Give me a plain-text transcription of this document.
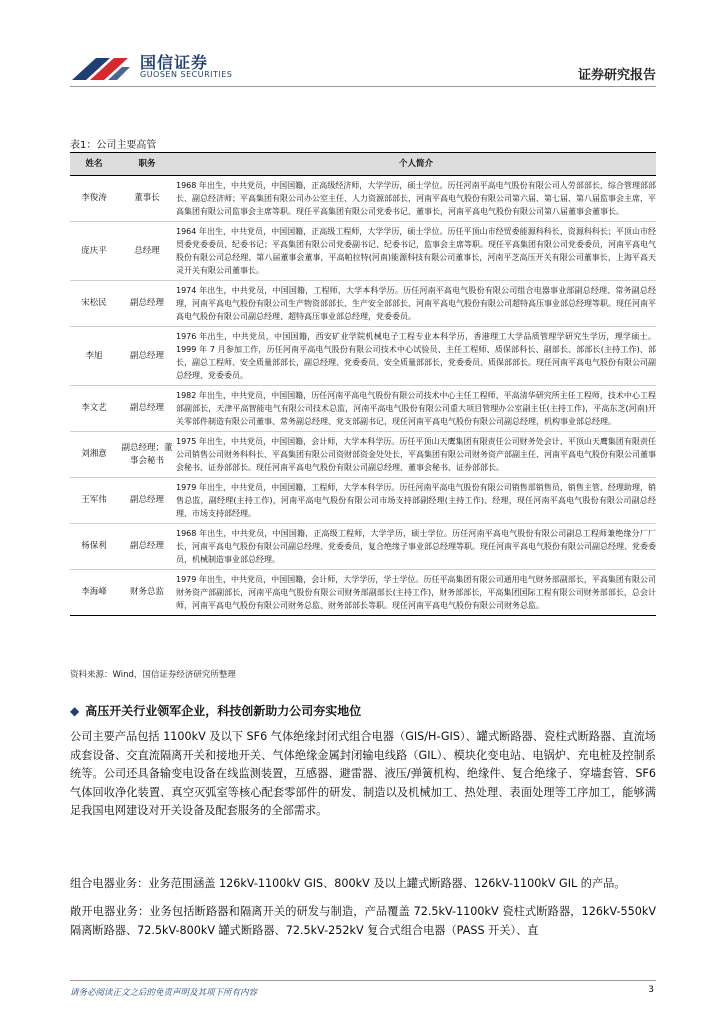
国信证券
GUOSEN SECURITIES	证券研究报告
表1：公司主要高管
姓名	职务	个人简介
李俊涛	董事长	1968 年出生，中共党员，中国国籍，正高级经济师，大学学历，硕士学位。历任河南平高电气股份有限公司人劳部部长、综合管理部部长、副总经济师；平高集团有限公司办公室主任、人力资源部部长，河南平高电气股份有限公司第六届、第七届、第八届监事会主席，平高集团有限公司监事会主席等职。现任平高集团有限公司党委书记、董事长，河南平高电气股份有限公司第八届董事会董事长。
庞庆平	总经理	1964 年出生，中共党员，中国国籍，正高级工程师，大学学历，硕士学位。历任平顶山市经贸委能源科科长、资源科科长；平顶山市经贸委党委委员、纪委书记；平高集团有限公司党委副书记、纪委书记，监事会主席等职。现任平高集团有限公司党委委员，河南平高电气股份有限公司总经理、第八届董事会董事，平高帕拉特(河南)能源科技有限公司董事长，河南平芝高压开关有限公司董事长，上海平高天灵开关有限公司董事长。
宋松民	副总经理	1974 年出生，中共党员，中国国籍，工程师，大学本科学历。历任河南平高电气股份有限公司组合电器事业部副总经理、常务副总经理，河南平高电气股份有限公司生产物资部部长、生产安全部部长、河南平高电气股份有限公司超特高压事业部总经理等职。现任河南平高电气股份有限公司副总经理、超特高压事业部总经理，党委委员。
李旭	副总经理	1976 年出生，中共党员，中国国籍，西安矿业学院机械电子工程专业本科学历，香港理工大学品质管理学研究生学历，理学硕士。1999 年 7 月参加工作，历任河南平高电气股份有限公司技术中心试验员、主任工程师、质保部科长、副部长、部部长(主持工作)、部长，副总工程师、安全质量部部长，副总经理、党委委员、安全质量部部长，党委委员、质保部部长。现任河南平高电气股份有限公司副总经理、党委委员。
李文艺	副总经理	1982 年出生，中共党员，中国国籍，历任河南平高电气股份有限公司技术中心主任工程师、平高清华研究所主任工程师，技术中心工程部副部长，天津平高智能电气有限公司技术总监，河南平高电气股份有限公司重大项目管理办公室副主任(主持工作)，平高东芝(河南)开关零部件制造有限公司董事、常务副总经理、党支部副书记，现任河南平高电气股份有限公司副总经理，机构事业部总经理。
刘湘意	副总经理；董事会秘书	1975 年出生，中共党员，中国国籍，会计师，大学本科学历。历任平顶山天鹰集团有限责任公司财务处会计、平顶山天鹰集团有限责任公司销售公司财务科科长、平高集团有限公司资财部资金处处长，平高集团有限公司财务资产部副主任、河南平高电气股份有限公司董事会秘书、证券部部长。现任河南平高电气股份有限公司副总经理、董事会秘书、证券部部长。
王军伟	副总经理	1979 年出生，中共党员，中国国籍，工程师，大学本科学历。历任河南平高电气股份有限公司销售部销售员、销售主管、经理助理，销售总监，副经理(主持工作)，河南平高电气股份有限公司市场支持部副经理(主持工作)、经理，现任河南平高电气股份有限公司副总经理、市场支持部经理。
杨保利	副总经理	1968 年出生，中共党员，中国国籍，正高级工程师，大学学历，硕士学位。历任河南平高电气股份有限公司副总工程师兼绝缘分厂厂长，河南平高电气股份有限公司副总经理、党委委员，复合绝缘子事业部总经理等职。现任河南平高电气股份有限公司副总经理、党委委员，机械制造事业部总经理。
李海峰	财务总监	1979 年出生，中共党员，中国国籍，会计师，大学学历，学士学位。历任平高集团有限公司通用电气财务部副部长，平高集团有限公司财务资产部副部长，河南平高电气股份有限公司财务部副部长(主持工作)，财务部部长，平高集团国际工程有限公司财务部部长，总会计师，河南平高电气股份有限公司财务总监、财务部部长等职。现任河南平高电气股份有限公司财务总监。
资料来源：Wind，国信证券经济研究所整理
◆ 高压开关行业领军企业，科技创新助力公司夯实地位
公司主要产品包括 1100kV 及以下 SF6 气体绝缘封闭式组合电器（GIS/H-GIS）、罐式断路器、瓷柱式断路器、直流场成套设备、交直流隔离开关和接地开关、气体绝缘金属封闭输电线路（GIL）、模块化变电站、电锅炉、充电桩及控制系统等。公司还具备输变电设备在线监测装置，互感器、避雷器、液压/弹簧机构、绝缘件、复合绝缘子、穿墙套管、SF6 气体回收净化装置、真空灭弧室等核心配套零部件的研发、制造以及机械加工、热处理、表面处理等工序加工，能够满足我国电网建设对开关设备及配套服务的全部需求。
组合电器业务：业务范围涵盖 126kV-1100kV GIS、800kV 及以上罐式断路器、126kV-1100kV GIL 的产品。
敞开电器业务：业务包括断路器和隔离开关的研发与制造，产品覆盖 72.5kV-1100kV 瓷柱式断路器，126kV-550kV 隔离断路器、72.5kV-800kV 罐式断路器、72.5kV-252kV 复合式组合电器（PASS 开关）、直
请务必阅读正文之后的免责声明及其项下所有内容	3
